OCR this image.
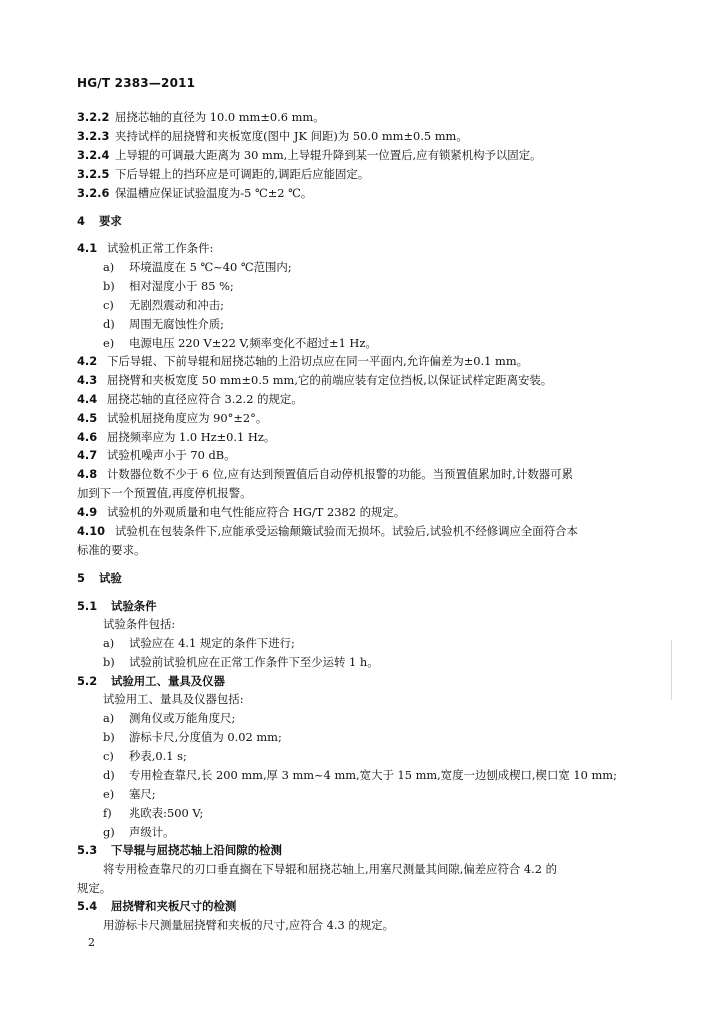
HG/T 2383—2011
3.2.2 屈挠芯轴的直径为 10.0 mm±0.6 mm。
3.2.3 夹持试样的屈挠臂和夹板宽度(图中 JK 间距)为 50.0 mm±0.5 mm。
3.2.4 上导辊的可调最大距离为 30 mm,上导辊升降到某一位置后,应有锁紧机构予以固定。
3.2.5 下后导辊上的挡环应是可调距的,调距后应能固定。
3.2.6 保温槽应保证试验温度为-5 ℃±2 ℃。
4 要求
4.1 试验机正常工作条件:
a) 环境温度在 5 ℃~40 ℃范围内;
b) 相对湿度小于 85 %;
c) 无剧烈震动和冲击;
d) 周围无腐蚀性介质;
e) 电源电压 220 V±22 V,频率变化不超过±1 Hz。
4.2 下后导辊、下前导辊和屈挠芯轴的上沿切点应在同一平面内,允许偏差为±0.1 mm。
4.3 屈挠臂和夹板宽度 50 mm±0.5 mm,它的前端应装有定位挡板,以保证试样定距离安装。
4.4 屈挠芯轴的直径应符合 3.2.2 的规定。
4.5 试验机屈挠角度应为 90°±2°。
4.6 屈挠频率应为 1.0 Hz±0.1 Hz。
4.7 试验机噪声小于 70 dB。
4.8 计数器位数不少于 6 位,应有达到预置值后自动停机报警的功能。当预置值累加时,计数器可累
加到下一个预置值,再度停机报警。
4.9 试验机的外观质量和电气性能应符合 HG/T 2382 的规定。
4.10 试验机在包装条件下,应能承受运输颠簸试验而无损坏。试验后,试验机不经修调应全面符合本
标准的要求。
5 试验
5.1 试验条件
试验条件包括:
a) 试验应在 4.1 规定的条件下进行;
b) 试验前试验机应在正常工作条件下至少运转 1 h。
5.2 试验用工、量具及仪器
试验用工、量具及仪器包括:
a) 测角仪或万能角度尺;
b) 游标卡尺,分度值为 0.02 mm;
c) 秒表,0.1 s;
d) 专用检查靠尺,长 200 mm,厚 3 mm~4 mm,宽大于 15 mm,宽度一边刨成楔口,楔口宽 10 mm;
e) 塞尺;
f) 兆欧表:500 V;
g) 声级计。
5.3 下导辊与屈挠芯轴上沿间隙的检测
将专用检查靠尺的刃口垂直搁在下导辊和屈挠芯轴上,用塞尺测量其间隙,偏差应符合 4.2 的
规定。
5.4 屈挠臂和夹板尺寸的检测
用游标卡尺测量屈挠臂和夹板的尺寸,应符合 4.3 的规定。
2
